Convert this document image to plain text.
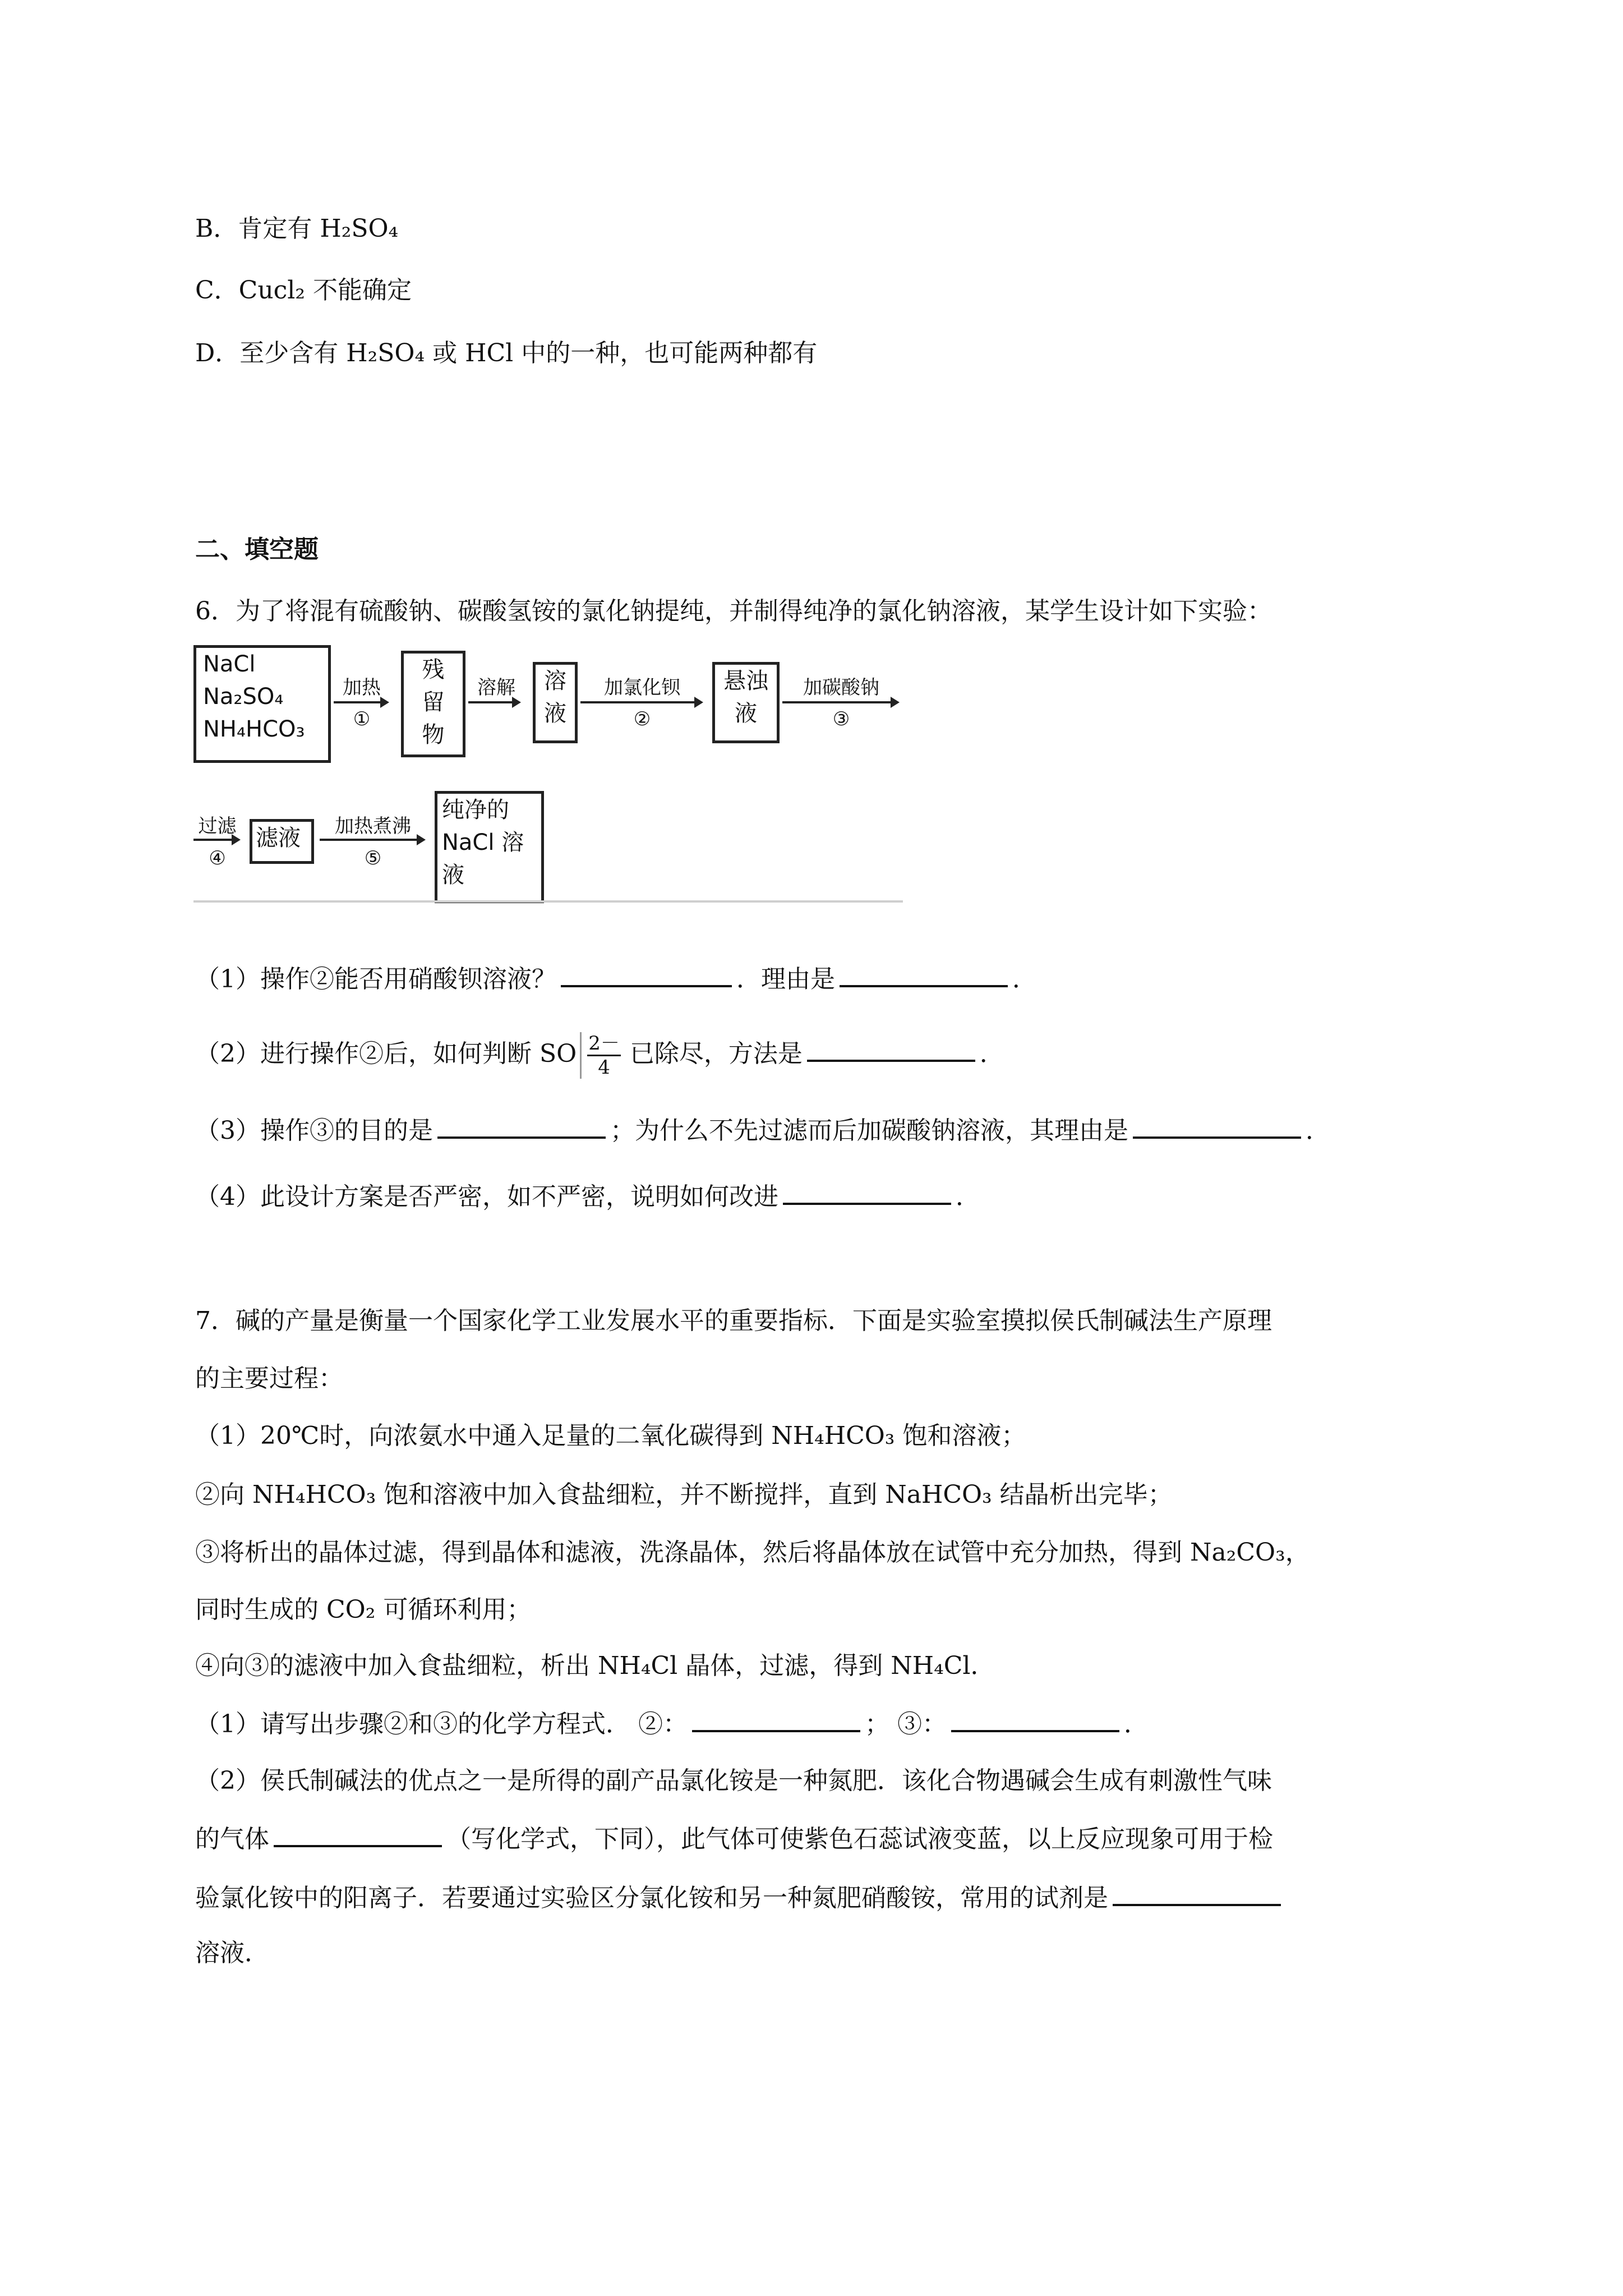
B．肯定有 H₂SO₄
C．Cucl₂ 不能确定
D．至少含有 H₂SO₄ 或 HCl 中的一种，也可能两种都有
二、填空题
6．为了将混有硫酸钠、碳酸氢铵的氯化钠提纯，并制得纯净的氯化钠溶液，某学生设计如下实验：
NaCl
Na₂SO₄
NH₄HCO₃
加热
①
残
留
物
溶解	溶
液
加氯化钡
②
悬浊
液
加碳酸钠
③
过滤
④
滤液	加热煮沸
⑤
纯净的
NaCl 溶
液
（1）操作②能否用硝酸钡溶液？	．理由是	．
（2）进行操作②后，如何判断 SO $\frac{2-}{4}$ 已除尽，方法是	．
（3）操作③的目的是	；为什么不先过滤而后加碳酸钠溶液，其理由是	．
（4）此设计方案是否严密，如不严密，说明如何改进	．
7．碱的产量是衡量一个国家化学工业发展水平的重要指标．下面是实验室摸拟侯氏制碱法生产原理
的主要过程：
（1）20℃时，向浓氨水中通入足量的二氧化碳得到 NH₄HCO₃ 饱和溶液；
②向 NH₄HCO₃ 饱和溶液中加入食盐细粒，并不断搅拌，直到 NaHCO₃ 结晶析出完毕；
③将析出的晶体过滤，得到晶体和滤液，洗涤晶体，然后将晶体放在试管中充分加热，得到 Na₂CO₃，
同时生成的 CO₂ 可循环利用；
④向③的滤液中加入食盐细粒，析出 NH₄Cl 晶体，过滤，得到 NH₄Cl．
（1）请写出步骤②和③的化学方程式． ②：	； ③：	．
（2）侯氏制碱法的优点之一是所得的副产品氯化铵是一种氮肥．该化合物遇碱会生成有刺激性气味
的气体	（写化学式，下同），此气体可使紫色石蕊试液变蓝，以上反应现象可用于检
验氯化铵中的阳离子．若要通过实验区分氯化铵和另一种氮肥硝酸铵，常用的试剂是
溶液．
